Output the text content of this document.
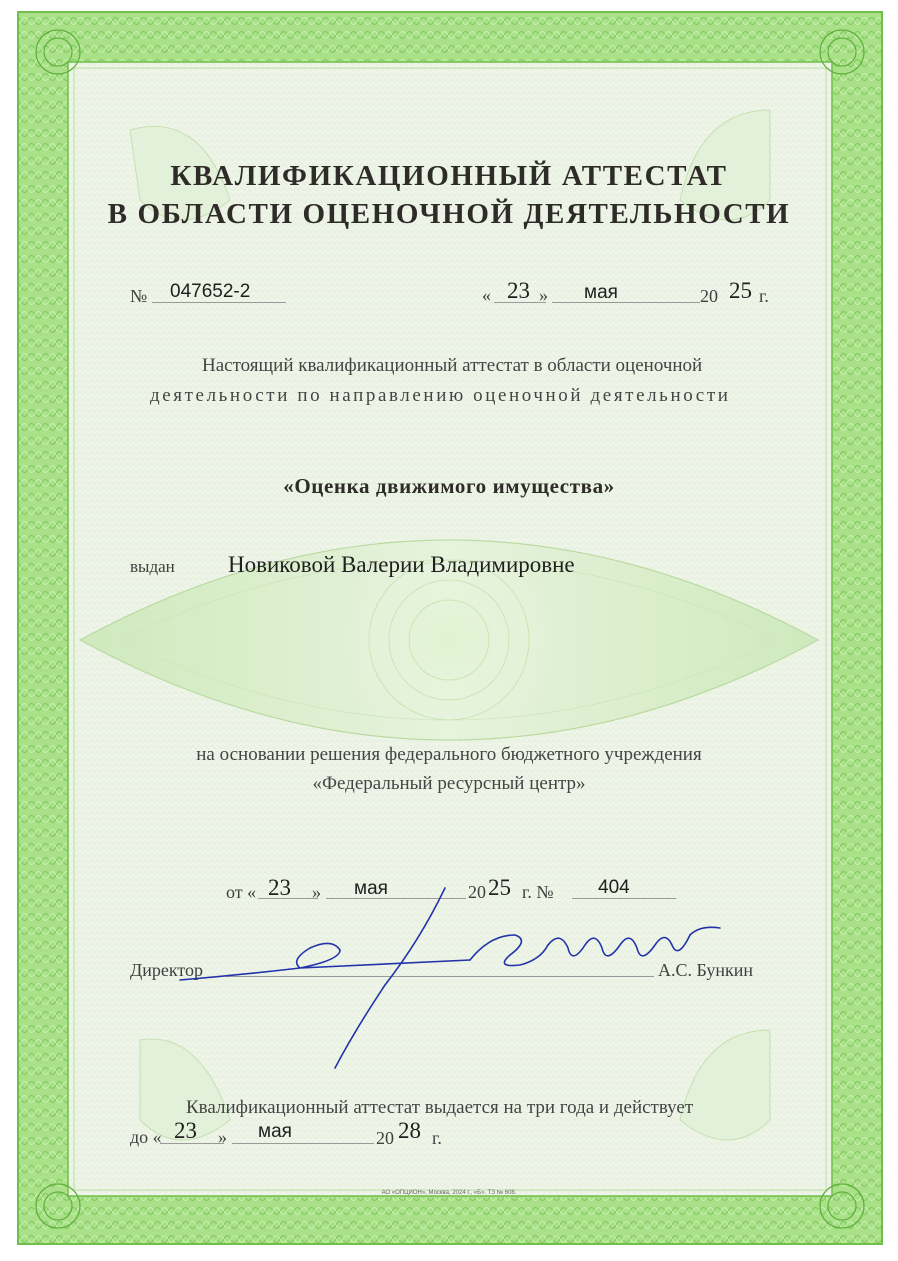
КВАЛИФИКАЦИОННЫЙ АТТЕСТАТ
В ОБЛАСТИ ОЦЕНОЧНОЙ ДЕЯТЕЛЬНОСТИ
№ 047652-2	« 23 » мая	20 25 г.
Настоящий квалификационный аттестат в области оценочной
деятельности по направлению оценочной деятельности
«Оценка движимого имущества»
выдан Новиковой Валерии Владимировне
на основании решения федерального бюджетного учреждения
«Федеральный ресурсный центр»
от « 23 » мая	20 25 г. № 404
Директор	А.С. Бункин
Квалификационный аттестат выдается на три года и действует
до « 23 » мая	20 28 г.
АО «ОПЦИОН», Москва, 2024 г., «Б». ТЗ № 608.
